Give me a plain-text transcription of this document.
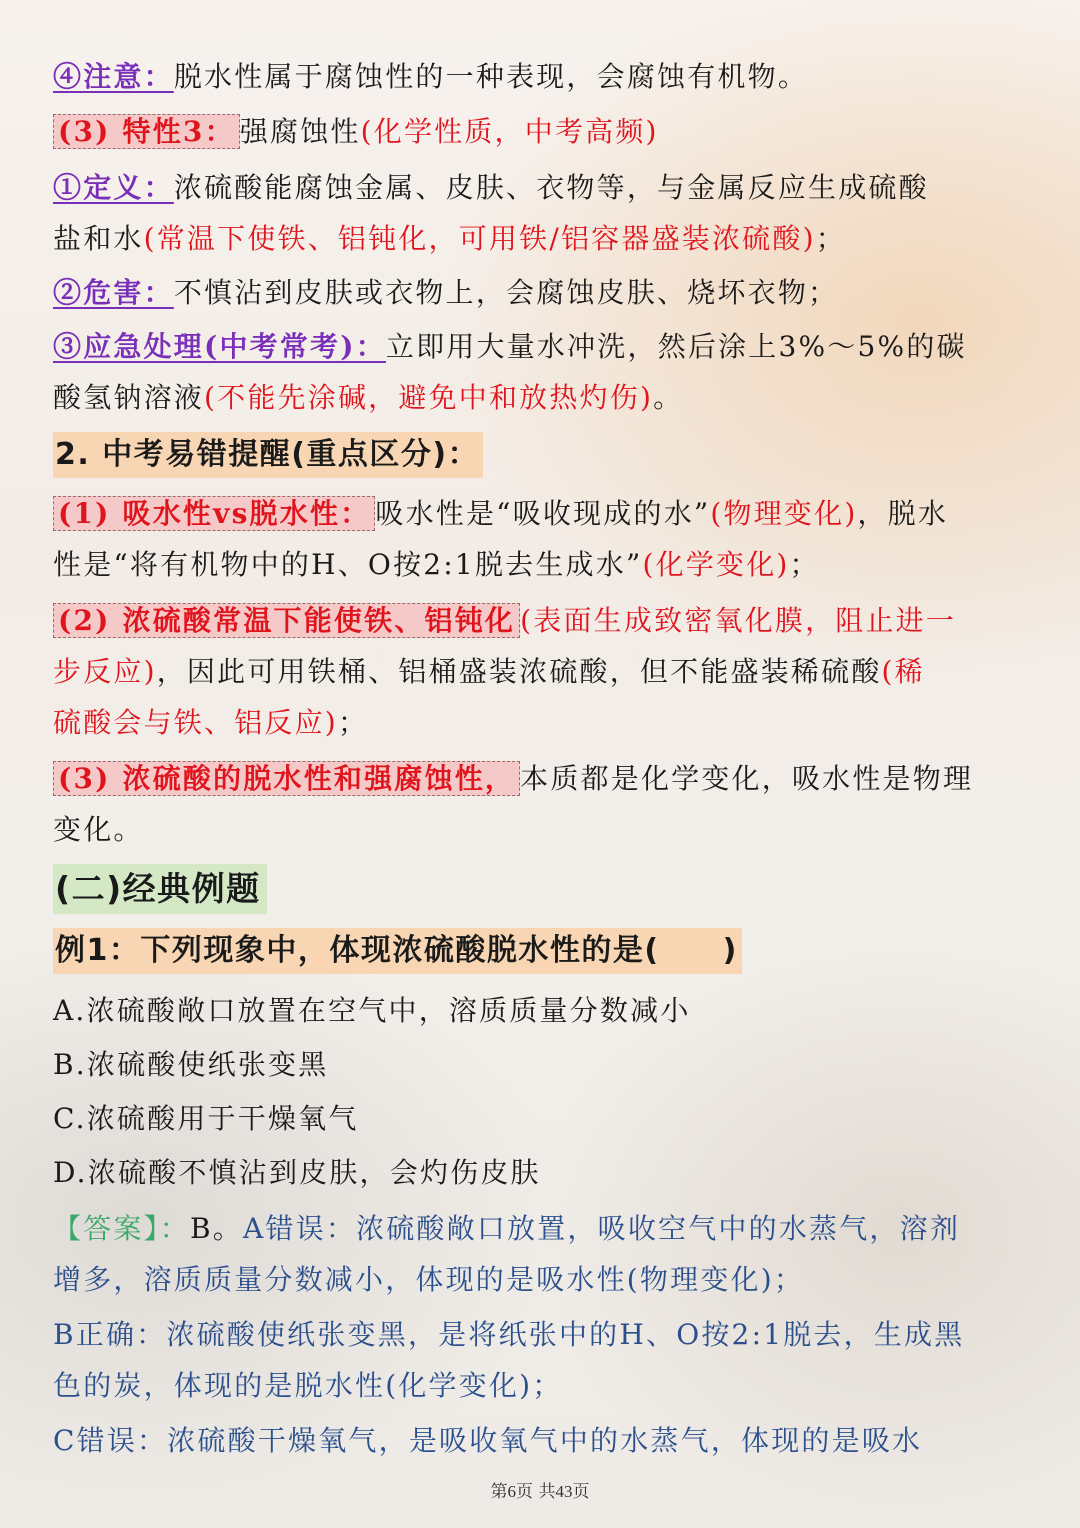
④注意：脱水性属于腐蚀性的一种表现，会腐蚀有机物。

(3) 特性3： 强腐蚀性(化学性质，中考高频)

①定义：浓硫酸能腐蚀金属、皮肤、衣物等，与金属反应生成硫酸

盐和水(常温下使铁、铝钝化，可用铁/铝容器盛装浓硫酸)；

②危害：不慎沾到皮肤或衣物上，会腐蚀皮肤、烧坏衣物；

③应急处理(中考常考)：立即用大量水冲洗，然后涂上3%～5%的碳

酸氢钠溶液(不能先涂碱，避免中和放热灼伤)。

2. 中考易错提醒(重点区分)：

(1) 吸水性vs脱水性： 吸水性是“吸收现成的水”(物理变化)，脱水

性是“将有机物中的H、O按2:1脱去生成水”(化学变化)；

(2) 浓硫酸常温下能使铁、铝钝化 (表面生成致密氧化膜，阻止进一

步反应)，因此可用铁桶、铝桶盛装浓硫酸，但不能盛装稀硫酸(稀

硫酸会与铁、铝反应)；

(3) 浓硫酸的脱水性和强腐蚀性， 本质都是化学变化，吸水性是物理

变化。

(二)经典例题
例1：下列现象中，体现浓硫酸脱水性的是(　　)

A.浓硫酸敞口放置在空气中，溶质质量分数减小

B.浓硫酸使纸张变黑

C.浓硫酸用于干燥氧气

D.浓硫酸不慎沾到皮肤，会灼伤皮肤

【答案】：B。A错误：浓硫酸敞口放置，吸收空气中的水蒸气，溶剂

增多，溶质质量分数减小，体现的是吸水性(物理变化)；

B正确：浓硫酸使纸张变黑，是将纸张中的H、O按2:1脱去，生成黑

色的炭，体现的是脱水性(化学变化)；

C错误：浓硫酸干燥氧气，是吸收氧气中的水蒸气，体现的是吸水

第6页 共43页
